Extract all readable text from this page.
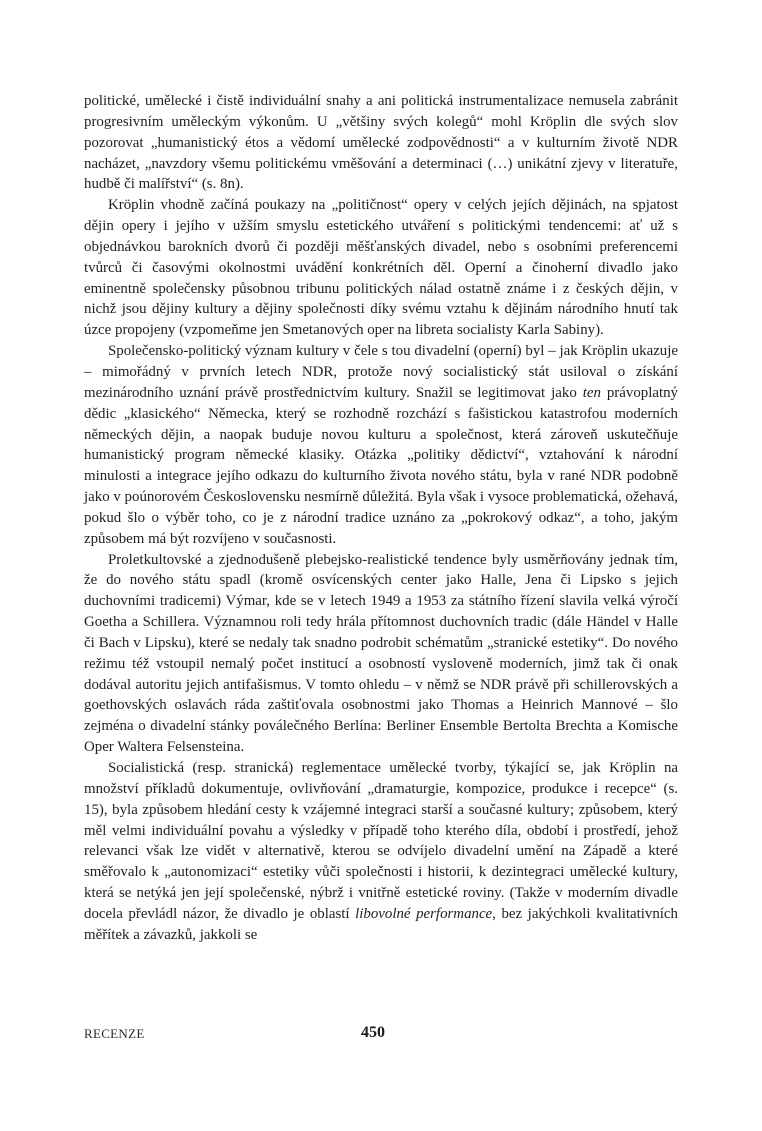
politické, umělecké i čistě individuální snahy a ani politická instrumentalizace nemusela zabránit progresivním uměleckým výkonům. U „většiny svých kolegů“ mohl Kröplin dle svých slov pozorovat „humanistický étos a vědomí umělecké zodpovědnosti“ a v kulturním životě NDR nacházet, „navzdory všemu politickému vměšování a determinaci (…) unikátní zjevy v literatuře, hudbě či malířství“ (s. 8n).

Kröplin vhodně začíná poukazy na „političnost“ opery v celých jejích dějinách, na spjatost dějin opery i jejího v užším smyslu estetického utváření s politickými tendencemi: ať už s objednávkou barokních dvorů či později měšťanských divadel, nebo s osobními preferencemi tvůrců či časovými okolnostmi uvádění konkrétních děl. Operní a činoherní divadlo jako eminentně společensky působnou tribunu politických nálad ostatně známe i z českých dějin, v nichž jsou dějiny kultury a dějiny společnosti díky svému vztahu k dějinám národního hnutí tak úzce propojeny (vzpomeňme jen Smetanových oper na libreta socialisty Karla Sabiny).

Společensko-politický význam kultury v čele s tou divadelní (operní) byl – jak Kröplin ukazuje – mimořádný v prvních letech NDR, protože nový socialistický stát usiloval o získání mezinárodního uznání právě prostřednictvím kultury. Snažil se legitimovat jako ten právoplatný dědic „klasického“ Německa, který se rozhodně rozchází s fašistickou katastrofou moderních německých dějin, a naopak buduje novou kulturu a společnost, která zároveň uskutečňuje humanistický program německé klasiky. Otázka „politiky dědictví“, vztahování k národní minulosti a integrace jejího odkazu do kulturního života nového státu, byla v rané NDR podobně jako v poúnorovém Československu nesmírně důležitá. Byla však i vysoce problematická, ožehavá, pokud šlo o výběr toho, co je z národní tradice uznáno za „pokrokový odkaz“, a toho, jakým způsobem má být rozvíjeno v současnosti.

Proletkultovské a zjednodušeně plebejsko-realistické tendence byly usměrňovány jednak tím, že do nového státu spadl (kromě osvícenských center jako Halle, Jena či Lipsko s jejich duchovními tradicemi) Výmar, kde se v letech 1949 a 1953 za státního řízení slavila velká výročí Goetha a Schillera. Významnou roli tedy hrála přítomnost duchovních tradic (dále Händel v Halle či Bach v Lipsku), které se nedaly tak snadno podrobit schématům „stranické estetiky“. Do nového režimu též vstoupil nemalý počet institucí a osobností vysloveně moderních, jimž tak či onak dodával autoritu jejich antifašismus. V tomto ohledu – v němž se NDR právě při schillerovských a goethovských oslavách ráda zaštiťovala osobnostmi jako Thomas a Heinrich Mannové – šlo zejména o divadelní stánky poválečného Berlína: Berliner Ensemble Bertolta Brechta a Komische Oper Waltera Felsensteina.

Socialistická (resp. stranická) reglementace umělecké tvorby, týkající se, jak Kröplin na množství příkladů dokumentuje, ovlivňování „dramaturgie, kompozice, produkce i recepce“ (s. 15), byla způsobem hledání cesty k vzájemné integraci starší a současné kultury; způsobem, který měl velmi individuální povahu a výsledky v případě toho kterého díla, období i prostředí, jehož relevanci však lze vidět v alternativě, kterou se odvíjelo divadelní umění na Západě a které směřovalo k „autonomizaci“ estetiky vůči společnosti i historii, k dezintegraci umělecké kultury, která se netýká jen její společenské, nýbrž i vnitřně estetické roviny. (Takže v moderním divadle docela převládl názor, že divadlo je oblastí libovolné performance, bez jakýchkoli kvalitativních měřítek a závazků, jakkoli se

RECENZE	450
